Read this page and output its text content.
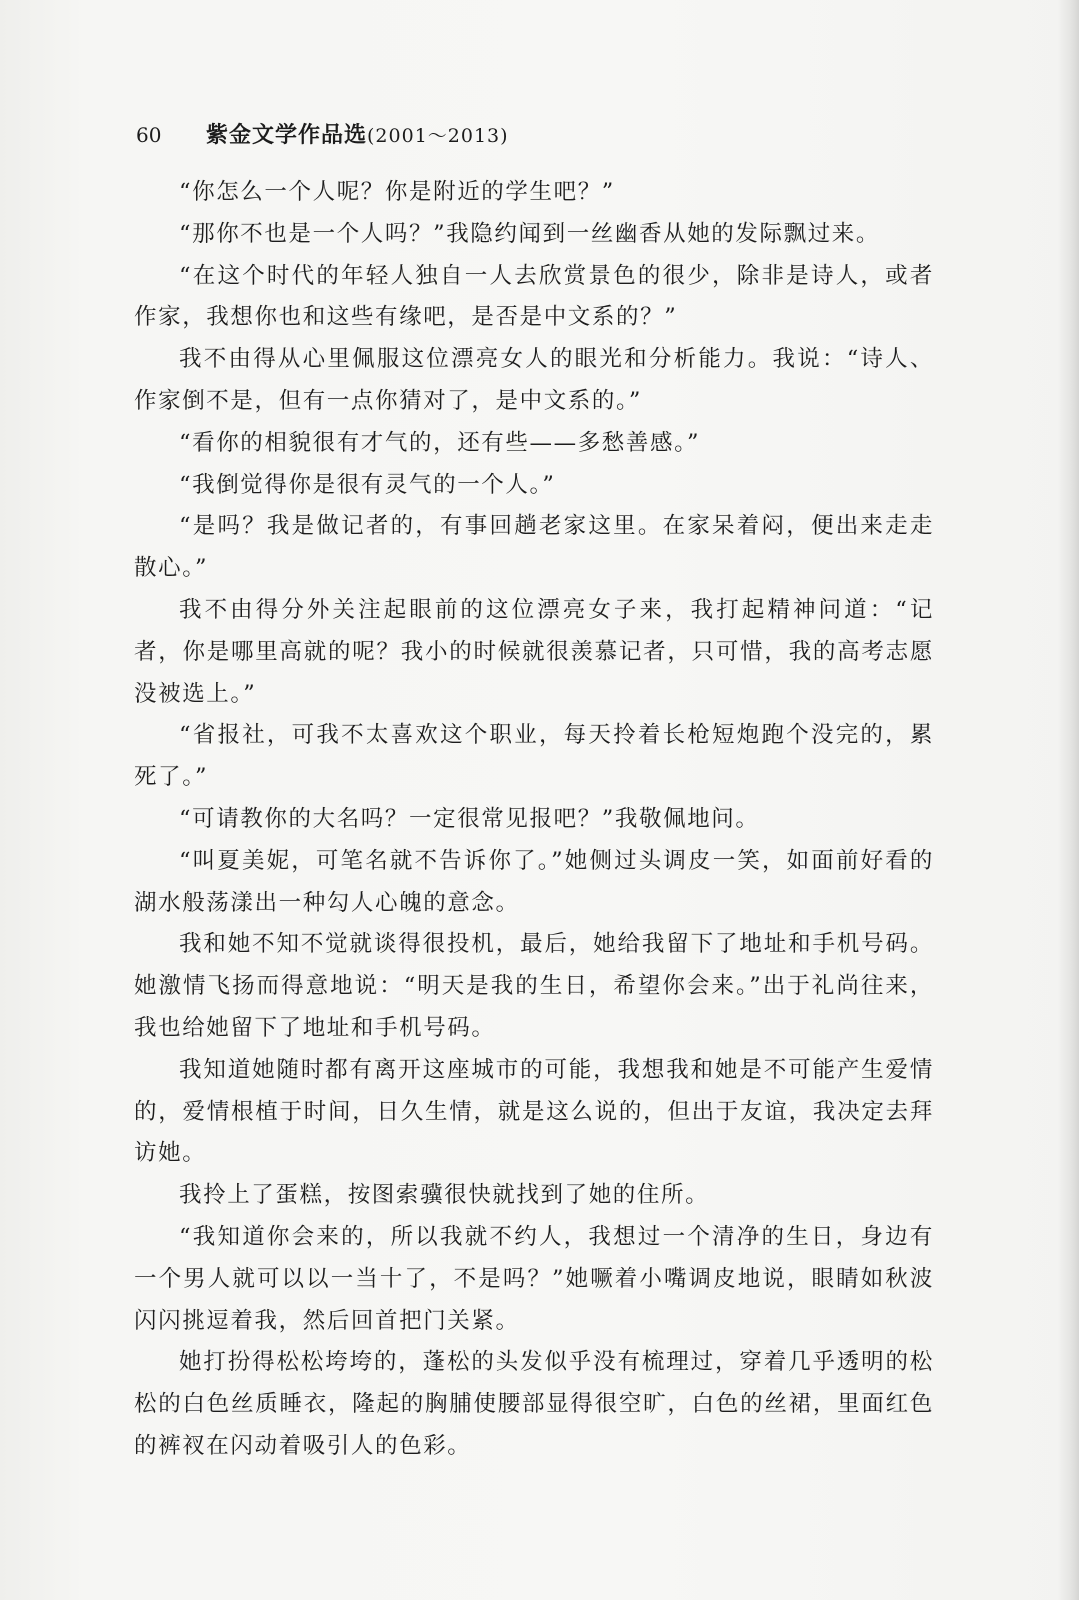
60	紫金文学作品选(2001～2013)

“你怎么一个人呢？你是附近的学生吧？”

“那你不也是一个人吗？”我隐约闻到一丝幽香从她的发际飘过来。

“在这个时代的年轻人独自一人去欣赏景色的很少，除非是诗人，或者作家，我想你也和这些有缘吧，是否是中文系的？”

我不由得从心里佩服这位漂亮女人的眼光和分析能力。我说：“诗人、作家倒不是，但有一点你猜对了，是中文系的。”

“看你的相貌很有才气的，还有些——多愁善感。”

“我倒觉得你是很有灵气的一个人。”

“是吗？我是做记者的，有事回趟老家这里。在家呆着闷，便出来走走散心。”

我不由得分外关注起眼前的这位漂亮女子来，我打起精神问道：“记者，你是哪里高就的呢？我小的时候就很羡慕记者，只可惜，我的高考志愿没被选上。”

“省报社，可我不太喜欢这个职业，每天拎着长枪短炮跑个没完的，累死了。”

“可请教你的大名吗？一定很常见报吧？”我敬佩地问。

“叫夏美妮，可笔名就不告诉你了。”她侧过头调皮一笑，如面前好看的湖水般荡漾出一种勾人心魄的意念。

我和她不知不觉就谈得很投机，最后，她给我留下了地址和手机号码。她激情飞扬而得意地说：“明天是我的生日，希望你会来。”出于礼尚往来，我也给她留下了地址和手机号码。

我知道她随时都有离开这座城市的可能，我想我和她是不可能产生爱情的，爱情根植于时间，日久生情，就是这么说的，但出于友谊，我决定去拜访她。

我拎上了蛋糕，按图索骥很快就找到了她的住所。

“我知道你会来的，所以我就不约人，我想过一个清净的生日，身边有一个男人就可以以一当十了，不是吗？”她噘着小嘴调皮地说，眼睛如秋波闪闪挑逗着我，然后回首把门关紧。

她打扮得松松垮垮的，蓬松的头发似乎没有梳理过，穿着几乎透明的松松的白色丝质睡衣，隆起的胸脯使腰部显得很空旷，白色的丝裙，里面红色的裤衩在闪动着吸引人的色彩。
